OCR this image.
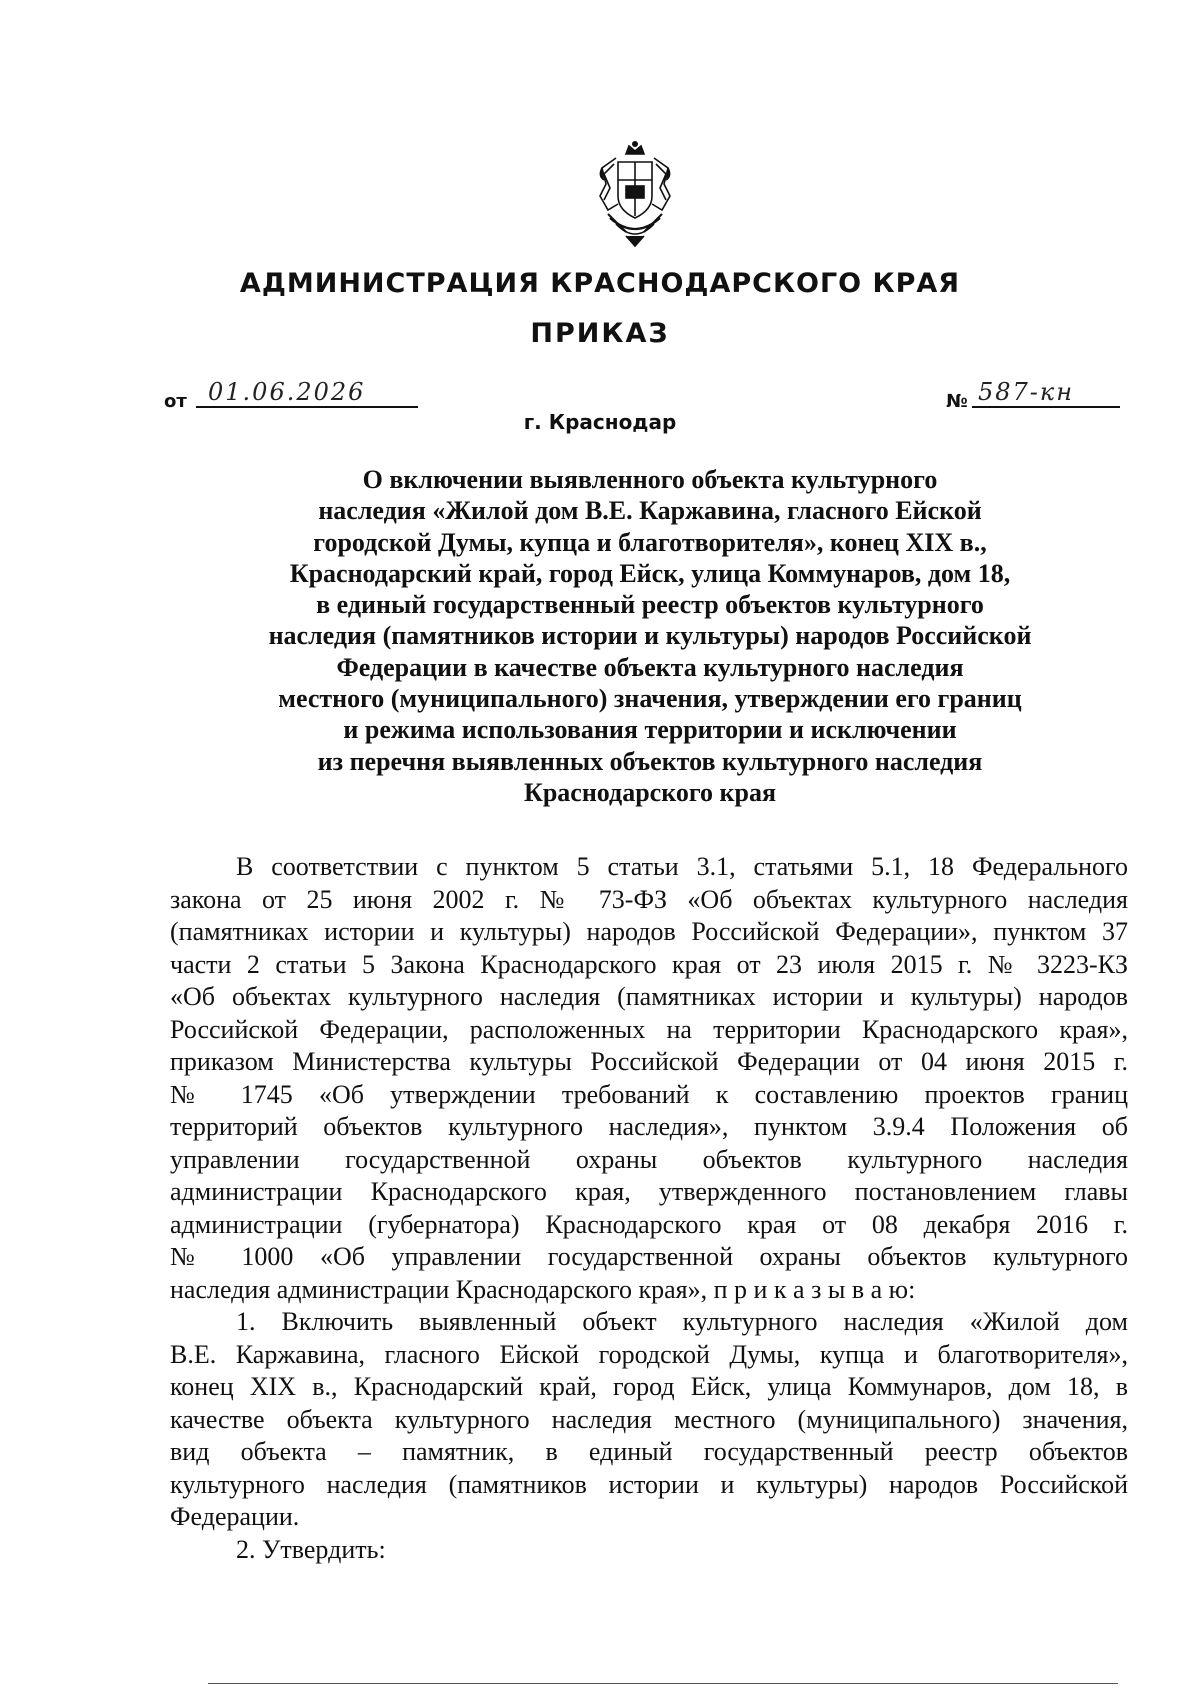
АДМИНИСТРАЦИЯ КРАСНОДАРСКОГО КРАЯ
ПРИКАЗ
от 01.06.2026	№ 587-кн
г. Краснодар
О включении выявленного объекта культурного
наследия «Жилой дом В.Е. Каржавина, гласного Ейской
городской Думы, купца и благотворителя», конец XIX в.,
Краснодарский край, город Ейск, улица Коммунаров, дом 18,
в единый государственный реестр объектов культурного
наследия (памятников истории и культуры) народов Российской
Федерации в качестве объекта культурного наследия
местного (муниципального) значения, утверждении его границ
и режима использования территории и исключении
из перечня выявленных объектов культурного наследия
Краснодарского края
В соответствии с пунктом 5 статьи 3.1, статьями 5.1, 18 Федерального
закона от 25 июня 2002 г. № 73-ФЗ «Об объектах культурного наследия
(памятниках истории и культуры) народов Российской Федерации», пунктом 37
части 2 статьи 5 Закона Краснодарского края от 23 июля 2015 г. № 3223-КЗ
«Об объектах культурного наследия (памятниках истории и культуры) народов
Российской Федерации, расположенных на территории Краснодарского края»,
приказом Министерства культуры Российской Федерации от 04 июня 2015 г.
№ 1745 «Об утверждении требований к составлению проектов границ
территорий объектов культурного наследия», пунктом 3.9.4 Положения об
управлении государственной охраны объектов культурного наследия
администрации Краснодарского края, утвержденного постановлением главы
администрации (губернатора) Краснодарского края от 08 декабря 2016 г.
№ 1000 «Об управлении государственной охраны объектов культурного
наследия администрации Краснодарского края», п р и к а з ы в а ю:
1. Включить выявленный объект культурного наследия «Жилой дом
В.Е. Каржавина, гласного Ейской городской Думы, купца и благотворителя»,
конец XIX в., Краснодарский край, город Ейск, улица Коммунаров, дом 18, в
качестве объекта культурного наследия местного (муниципального) значения,
вид объекта – памятник, в единый государственный реестр объектов
культурного наследия (памятников истории и культуры) народов Российской
Федерации.
2. Утвердить:
